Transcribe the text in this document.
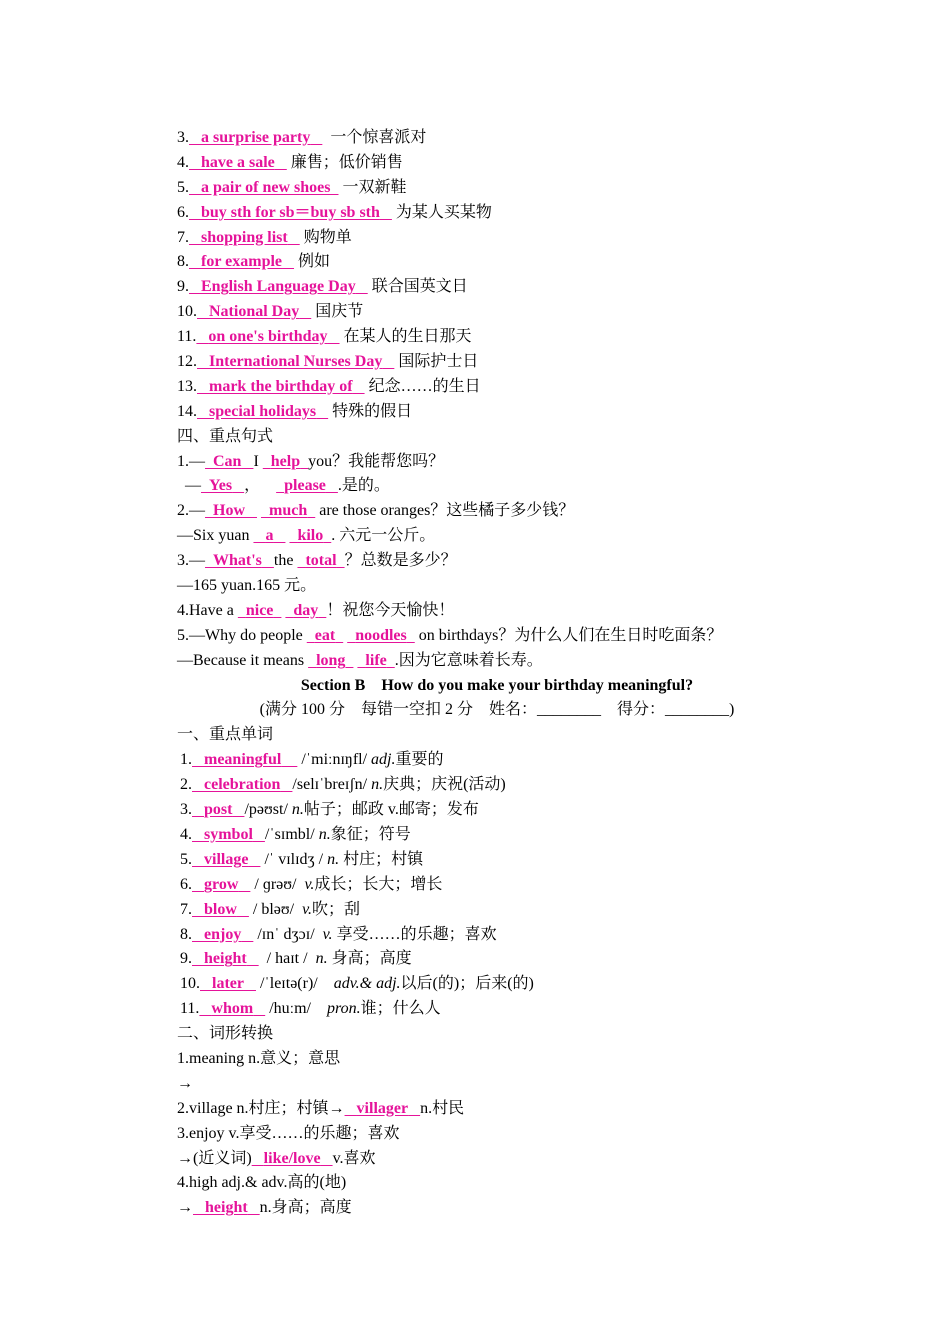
3. a surprise party 一个惊喜派对
4. have a sale 廉售；低价销售
5. a pair of new shoes 一双新鞋
6. buy sth for sb＝buy sb sth 为某人买某物
7. shopping list 购物单
8. for example 例如
9. English Language Day 联合国英文日
10. National Day 国庆节
11. on one's birthday 在某人的生日那天
12. International Nurses Day 国际护士日
13. mark the birthday of 纪念……的生日
14. special holidays 特殊的假日
四、重点句式
1.— Can I help you？我能帮您吗？
— Yes ， please .是的。
2.— How much are those oranges？这些橘子多少钱？
—Six yuan a kilo . 六元一公斤。
3.— What's the total ？总数是多少？
—165 yuan.165 元。
4.Have a nice day ！祝您今天愉快！
5.—Why do people eat noodles on birthdays？为什么人们在生日时吃面条？
—Because it means long life .因为它意味着长寿。
Section B　How do you make your birthday meaningful?
(满分 100 分　每错一空扣 2 分　姓名：________　得分：________)
一、重点单词
1. meaningful /ˈmiːnɪŋfl/ adj.重要的
2. celebration /selɪˈbreɪʃn/ n.庆典；庆祝(活动)
3. post /pəʊst/ n.帖子；邮政 v.邮寄；发布
4. symbol /ˈsɪmbl/ n.象征；符号
5. village /ˈ vɪlɪdʒ / n. 村庄；村镇
6. grow / ɡrəʊ/ v.成长；长大；增长
7. blow / bləʊ/ v.吹；刮
8. enjoy /ɪnˈ dʒɔɪ/ v. 享受……的乐趣；喜欢
9. height / haɪt / n. 身高；高度
10. later /ˈleɪtə(r)/ adv.& adj.以后(的)；后来(的)
11. whom /huːm/ pron.谁；什么人
二、词形转换
1.meaning n.意义；意思
→
2.village n.村庄；村镇→ villager n.村民
3.enjoy v.享受……的乐趣；喜欢
→(近义词) like/love v.喜欢
4.high adj.& adv.高的(地)
→ height n.身高；高度
